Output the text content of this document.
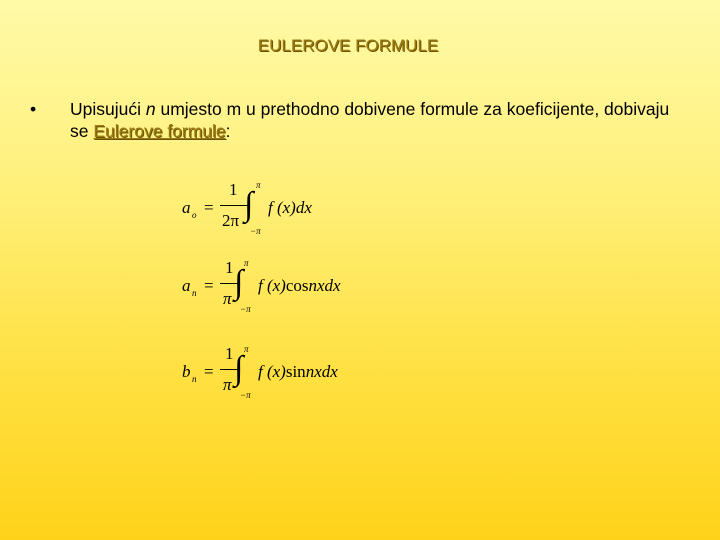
EULEROVE FORMULE
•	Upisujući n umjesto m u prethodno dobivene formule za koeficijente, dobivaju se Eulerove formule:
a o =
1
2π
π
∫
−π
f (x)dx
a n =
1
π
π
∫
−π
f (x)cosnxdx
b n =
1
π
π
∫
−π
f (x)sinnxdx
